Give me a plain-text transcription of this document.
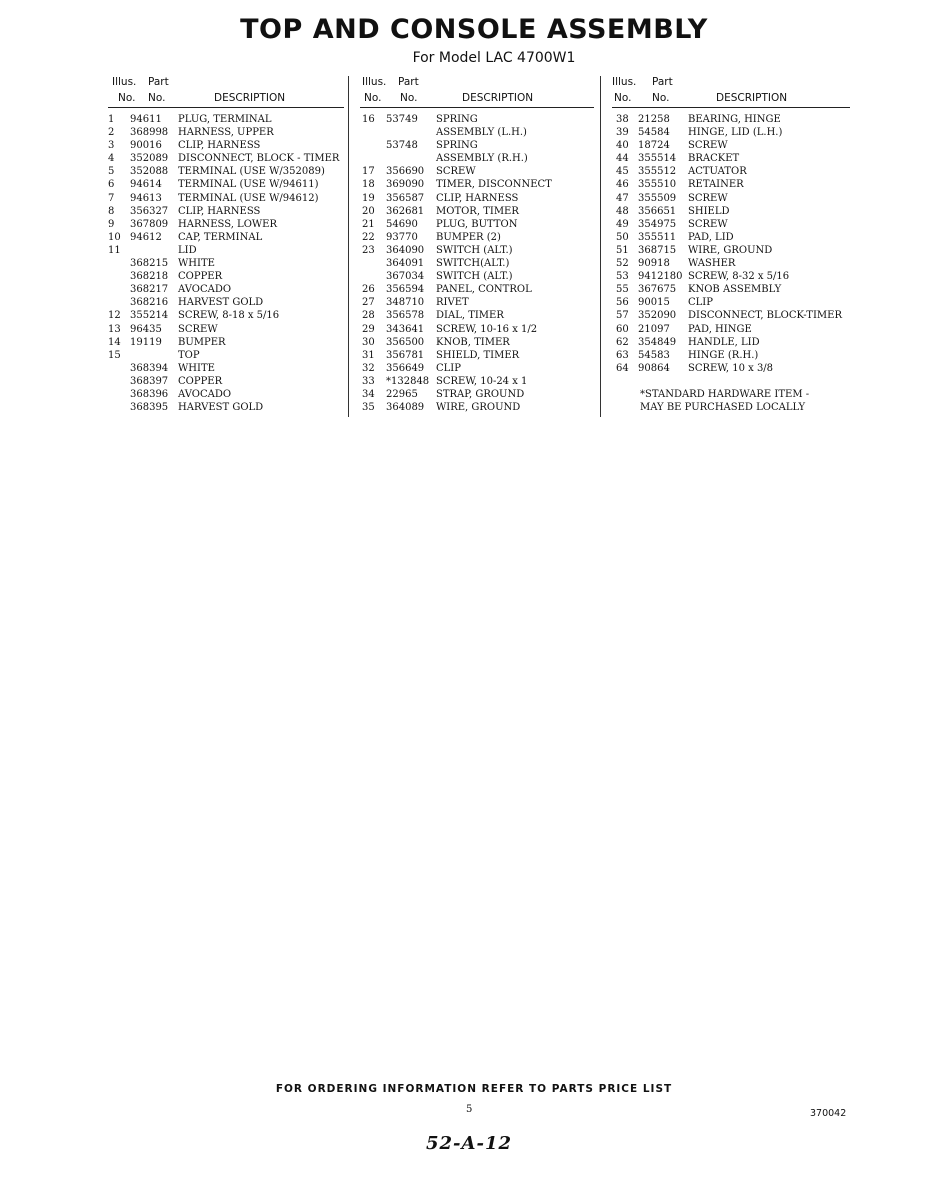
TOP AND CONSOLE ASSEMBLY
For Model LAC 4700W1
Illus. Part
No. No.	DESCRIPTION
1 94611 PLUG, TERMINAL
2 368998 HARNESS, UPPER
3 90016 CLIP, HARNESS
4 352089 DISCONNECT, BLOCK - TIMER
5 352088 TERMINAL (USE W/352089)
6 94614 TERMINAL (USE W/94611)
7 94613 TERMINAL (USE W/94612)
8 356327 CLIP, HARNESS
9 367809 HARNESS, LOWER
10 94612 CAP, TERMINAL
11	LID
368215 WHITE
368218 COPPER
368217 AVOCADO
368216 HARVEST GOLD
12 355214 SCREW, 8-18 x 5/16
13 96435 SCREW
14 19119 BUMPER
15	TOP
368394 WHITE
368397 COPPER
368396 AVOCADO
368395 HARVEST GOLD
Illus. Part
No. No.	DESCRIPTION
16 53749 SPRING
ASSEMBLY (L.H.)
53748 SPRING
ASSEMBLY (R.H.)
17 356690 SCREW
18 369090 TIMER, DISCONNECT
19 356587 CLIP, HARNESS
20 362681 MOTOR, TIMER
21 54690 PLUG, BUTTON
22 93770 BUMPER (2)
23 364090 SWITCH (ALT.)
364091 SWITCH(ALT.)
367034 SWITCH (ALT.)
26 356594 PANEL, CONTROL
27 348710 RIVET
28 356578 DIAL, TIMER
29 343641 SCREW, 10-16 x 1/2
30 356500 KNOB, TIMER
31 356781 SHIELD, TIMER
32 356649 CLIP
33 *132848 SCREW, 10-24 x 1
34 22965 STRAP, GROUND
35 364089 WIRE, GROUND
Illus. Part
No. No.	DESCRIPTION
38 21258 BEARING, HINGE
39 54584 HINGE, LID (L.H.)
40 18724 SCREW
44 355514 BRACKET
45 355512 ACTUATOR
46 355510 RETAINER
47 355509 SCREW
48 356651 SHIELD
49 354975 SCREW
50 355511 PAD, LID
51 368715 WIRE, GROUND
52 90918 WASHER
53 9412180 SCREW, 8-32 x 5/16
55 367675 KNOB ASSEMBLY
56 90015 CLIP
57 352090 DISCONNECT, BLOCK-TIMER
60 21097 PAD, HINGE
62 354849 HANDLE, LID
63 54583 HINGE (R.H.)
64 90864 SCREW, 10 x 3/8
*STANDARD HARDWARE ITEM -
MAY BE PURCHASED LOCALLY
FOR ORDERING INFORMATION REFER TO PARTS PRICE LIST
5	370042
52-A-12
